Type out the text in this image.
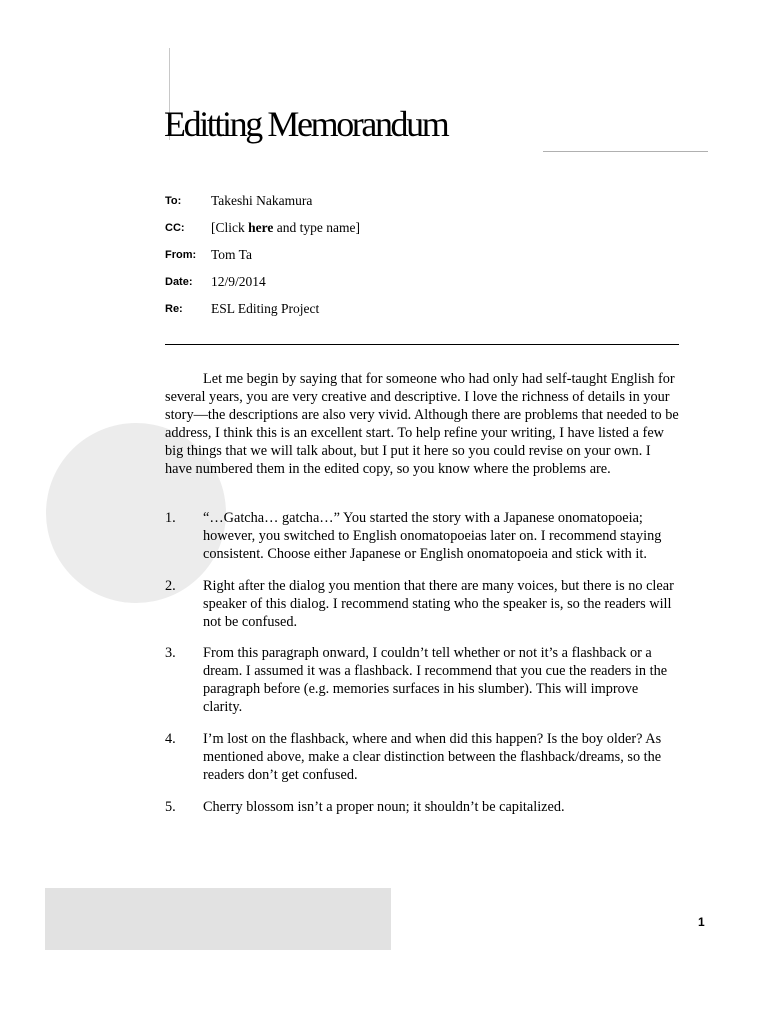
Editting Memorandum
To: Takeshi Nakamura
CC: [Click here and type name]
From: Tom Ta
Date: 12/9/2014
Re: ESL Editing Project

Let me begin by saying that for someone who had only had self-taught English for several years, you are very creative and descriptive. I love the richness of details in your story—the descriptions are also very vivid. Although there are problems that needed to be address, I think this is an excellent start. To help refine your writing, I have listed a few big things that we will talk about, but I put it here so you could revise on your own. I have numbered them in the edited copy, so you know where the problems are.

1. “…Gatcha… gatcha…” You started the story with a Japanese onomatopoeia; however, you switched to English onomatopoeias later on. I recommend staying consistent. Choose either Japanese or English onomatopoeia and stick with it.
2. Right after the dialog you mention that there are many voices, but there is no clear speaker of this dialog. I recommend stating who the speaker is, so the readers will not be confused.
3. From this paragraph onward, I couldn’t tell whether or not it’s a flashback or a dream. I assumed it was a flashback. I recommend that you cue the readers in the paragraph before (e.g. memories surfaces in his slumber). This will improve clarity.
4. I’m lost on the flashback, where and when did this happen? Is the boy older? As mentioned above, make a clear distinction between the flashback/dreams, so the readers don’t get confused.
5. Cherry blossom isn’t a proper noun; it shouldn’t be capitalized.
1
